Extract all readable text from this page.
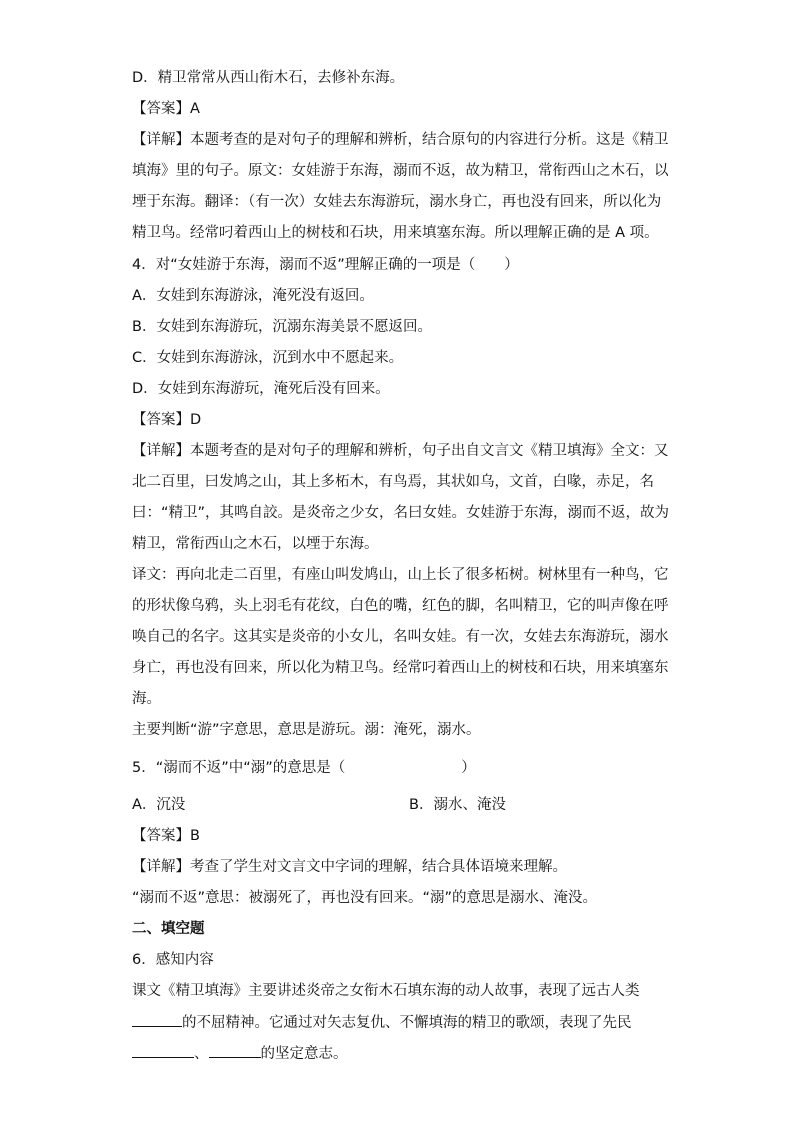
D．精卫常常从西山衔木石，去修补东海。
【答案】A
【详解】本题考查的是对句子的理解和辨析，结合原句的内容进行分析。这是《精卫
填海》里的句子。原文：女娃游于东海，溺而不返，故为精卫，常衔西山之木石，以
堙于东海。翻译：（有一次）女娃去东海游玩，溺水身亡，再也没有回来，所以化为
精卫鸟。经常叼着西山上的树枝和石块，用来填塞东海。所以理解正确的是 A 项。
4．对“女娃游于东海，溺而不返”理解正确的一项是（　　）
A．女娃到东海游泳，淹死没有返回。
B．女娃到东海游玩，沉溺东海美景不愿返回。
C．女娃到东海游泳，沉到水中不愿起来。
D．女娃到东海游玩，淹死后没有回来。
【答案】D
【详解】本题考查的是对句子的理解和辨析，句子出自文言文《精卫填海》全文：又
北二百里，曰发鸠之山，其上多柘木，有鸟焉，其状如乌，文首，白喙，赤足，名
曰：“精卫”，其鸣自詨。是炎帝之少女，名曰女娃。女娃游于东海，溺而不返，故为
精卫，常衔西山之木石，以堙于东海。
译文：再向北走二百里，有座山叫发鸠山，山上长了很多柘树。树林里有一种鸟，它
的形状像乌鸦，头上羽毛有花纹，白色的嘴，红色的脚，名叫精卫，它的叫声像在呼
唤自己的名字。这其实是炎帝的小女儿，名叫女娃。有一次，女娃去东海游玩，溺水
身亡，再也没有回来，所以化为精卫鸟。经常叼着西山上的树枝和石块，用来填塞东
海。
主要判断“游”字意思，意思是游玩。溺：淹死，溺水。
5．“溺而不返”中“溺”的意思是（　　　　　　　　）
A．沉没	B．溺水、淹没
【答案】B
【详解】考查了学生对文言文中字词的理解，结合具体语境来理解。
“溺而不返”意思：被溺死了，再也没有回来。“溺”的意思是溺水、淹没。
二、填空题
6．感知内容
课文《精卫填海》主要讲述炎帝之女衔木石填东海的动人故事，表现了远古人类
的不屈精神。它通过对矢志复仇、不懈填海的精卫的歌颂，表现了先民
、	的坚定意志。
